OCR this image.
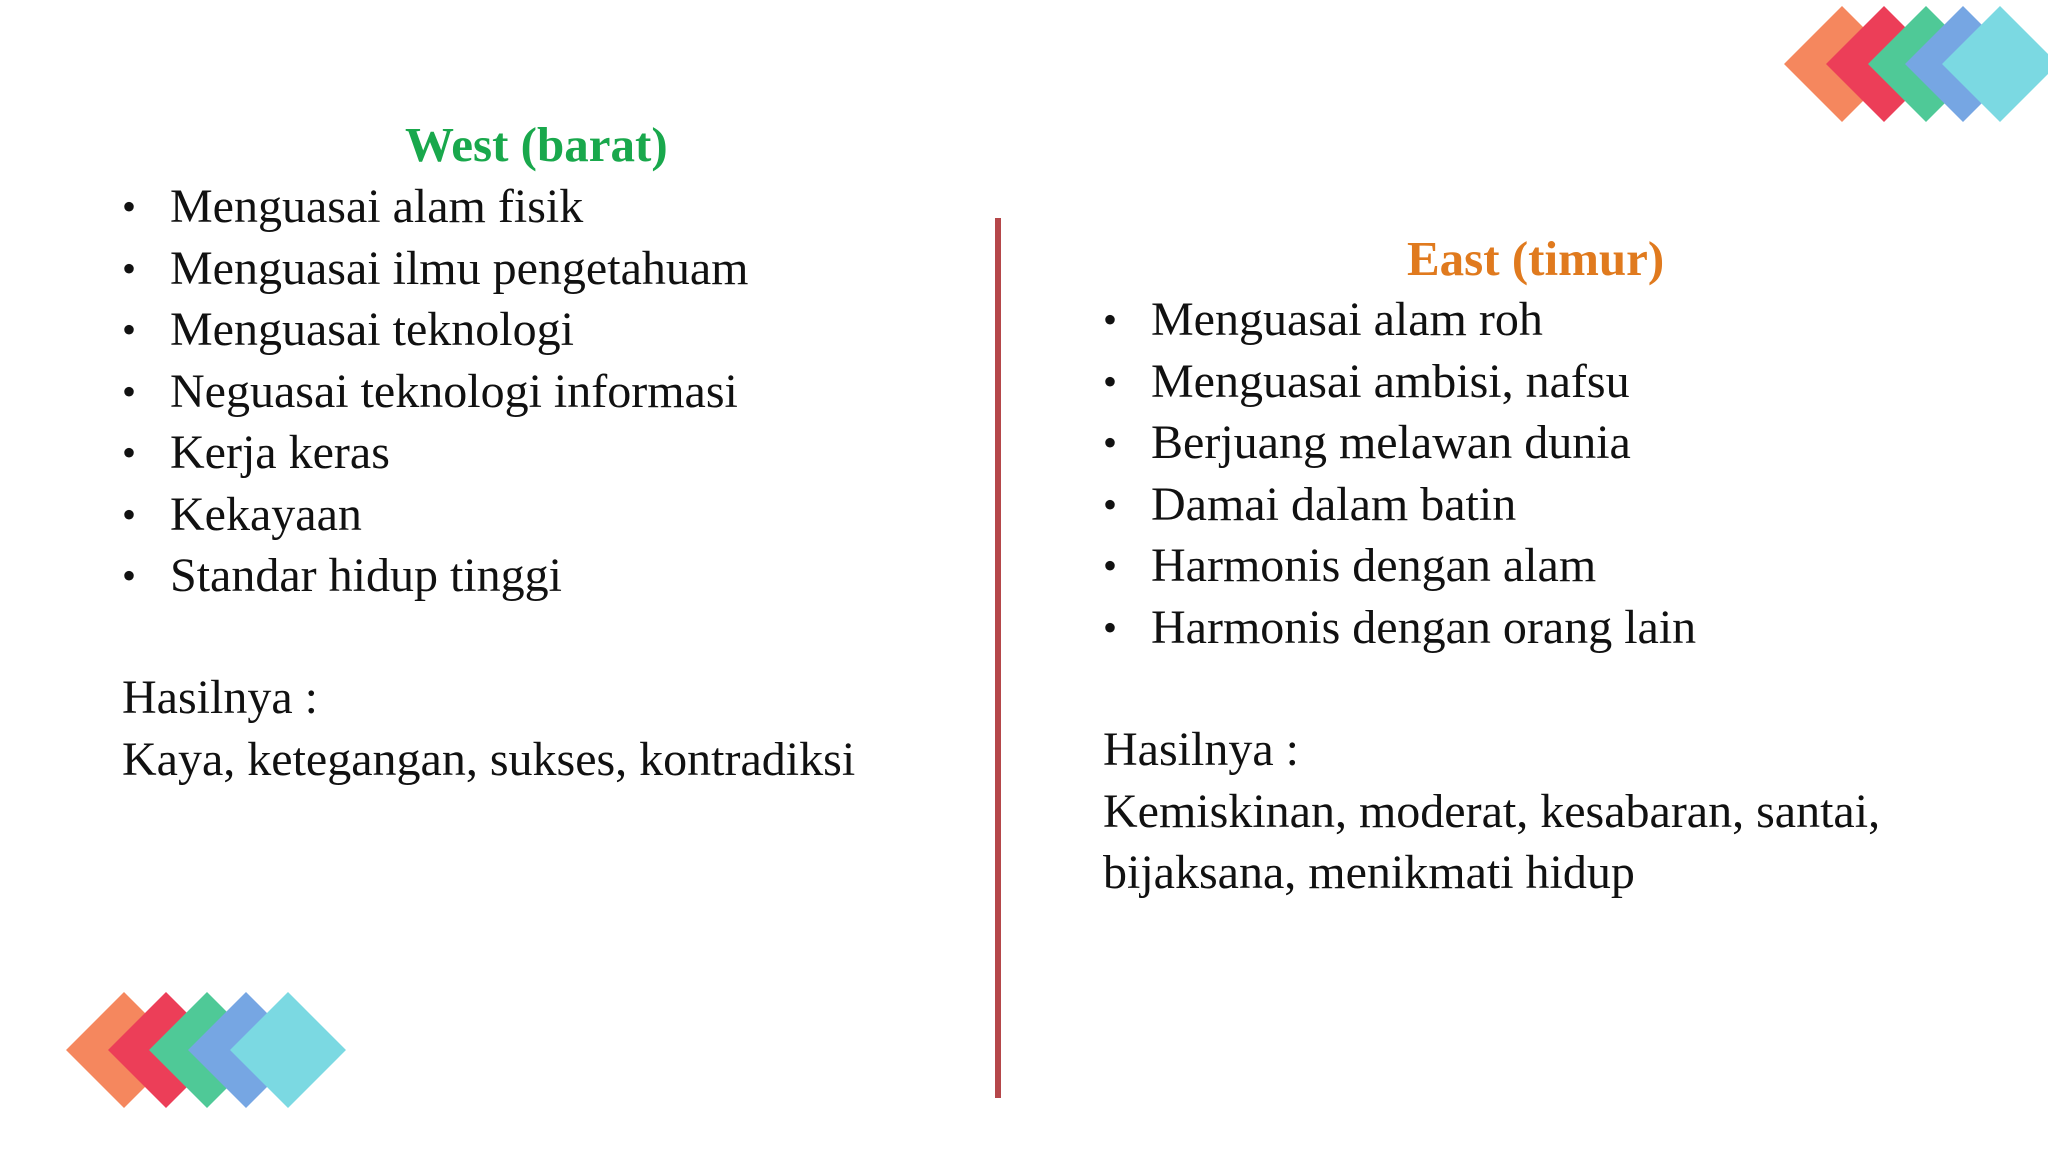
West (barat)
• Menguasai alam fisik
• Menguasai ilmu pengetahuam
• Menguasai teknologi
• Neguasai teknologi informasi
• Kerja keras
• Kekayaan
• Standar hidup tinggi
Hasilnya :
Kaya, ketegangan, sukses, kontradiksi
East (timur)
• Menguasai alam roh
• Menguasai ambisi, nafsu
• Berjuang melawan dunia
• Damai dalam batin
• Harmonis dengan alam
• Harmonis dengan orang lain
Hasilnya :
Kemiskinan, moderat, kesabaran, santai,
bijaksana, menikmati hidup
